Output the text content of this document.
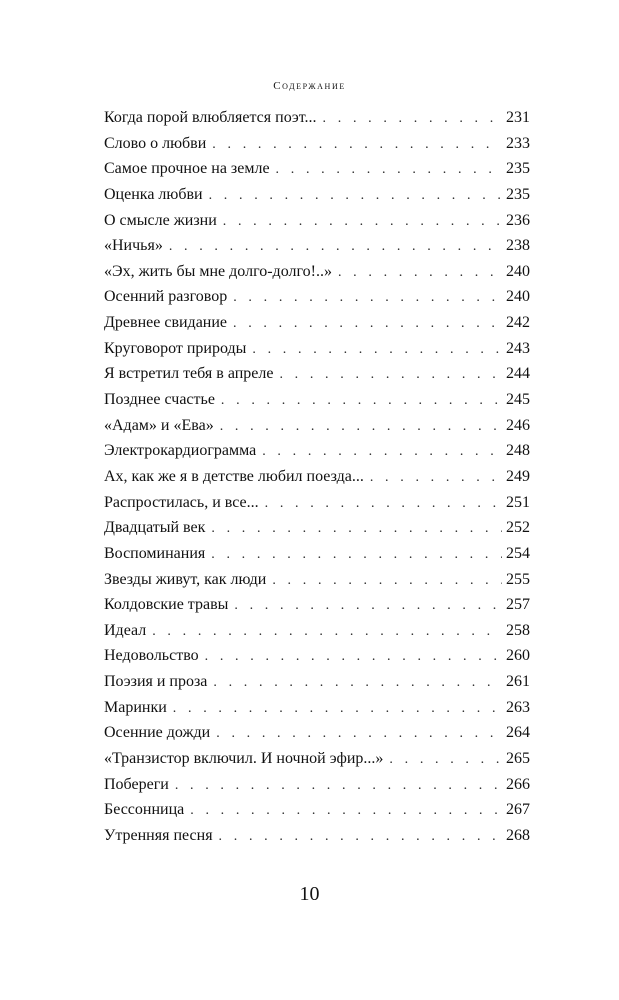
Содержание
Когда порой влюбляется поэт... . . .	231
Слово о любви . . .	233
Самое прочное на земле . . .	235
Оценка любви . . .	235
О смысле жизни . . .	236
«Ничья» . . .	238
«Эх, жить бы мне долго-долго!..» . . .	240
Осенний разговор . . .	240
Древнее свидание . . .	242
Круговорот природы . . .	243
Я встретил тебя в апреле . . .	244
Позднее счастье . . .	245
«Адам» и «Ева» . . .	246
Электрокардиограмма . . .	248
Ах, как же я в детстве любил поезда... . . .	249
Распростилась, и все... . . .	251
Двадцатый век . . .	252
Воспоминания . . .	254
Звезды живут, как люди . . .	255
Колдовские травы . . .	257
Идеал . . .	258
Недовольство . . .	260
Поэзия и проза . . .	261
Маринки . . .	263
Осенние дожди . . .	264
«Транзистор включил. И ночной эфир...» . . .	265
Побереги . . .	266
Бессонница . . .	267
Утренняя песня . . .	268
10
